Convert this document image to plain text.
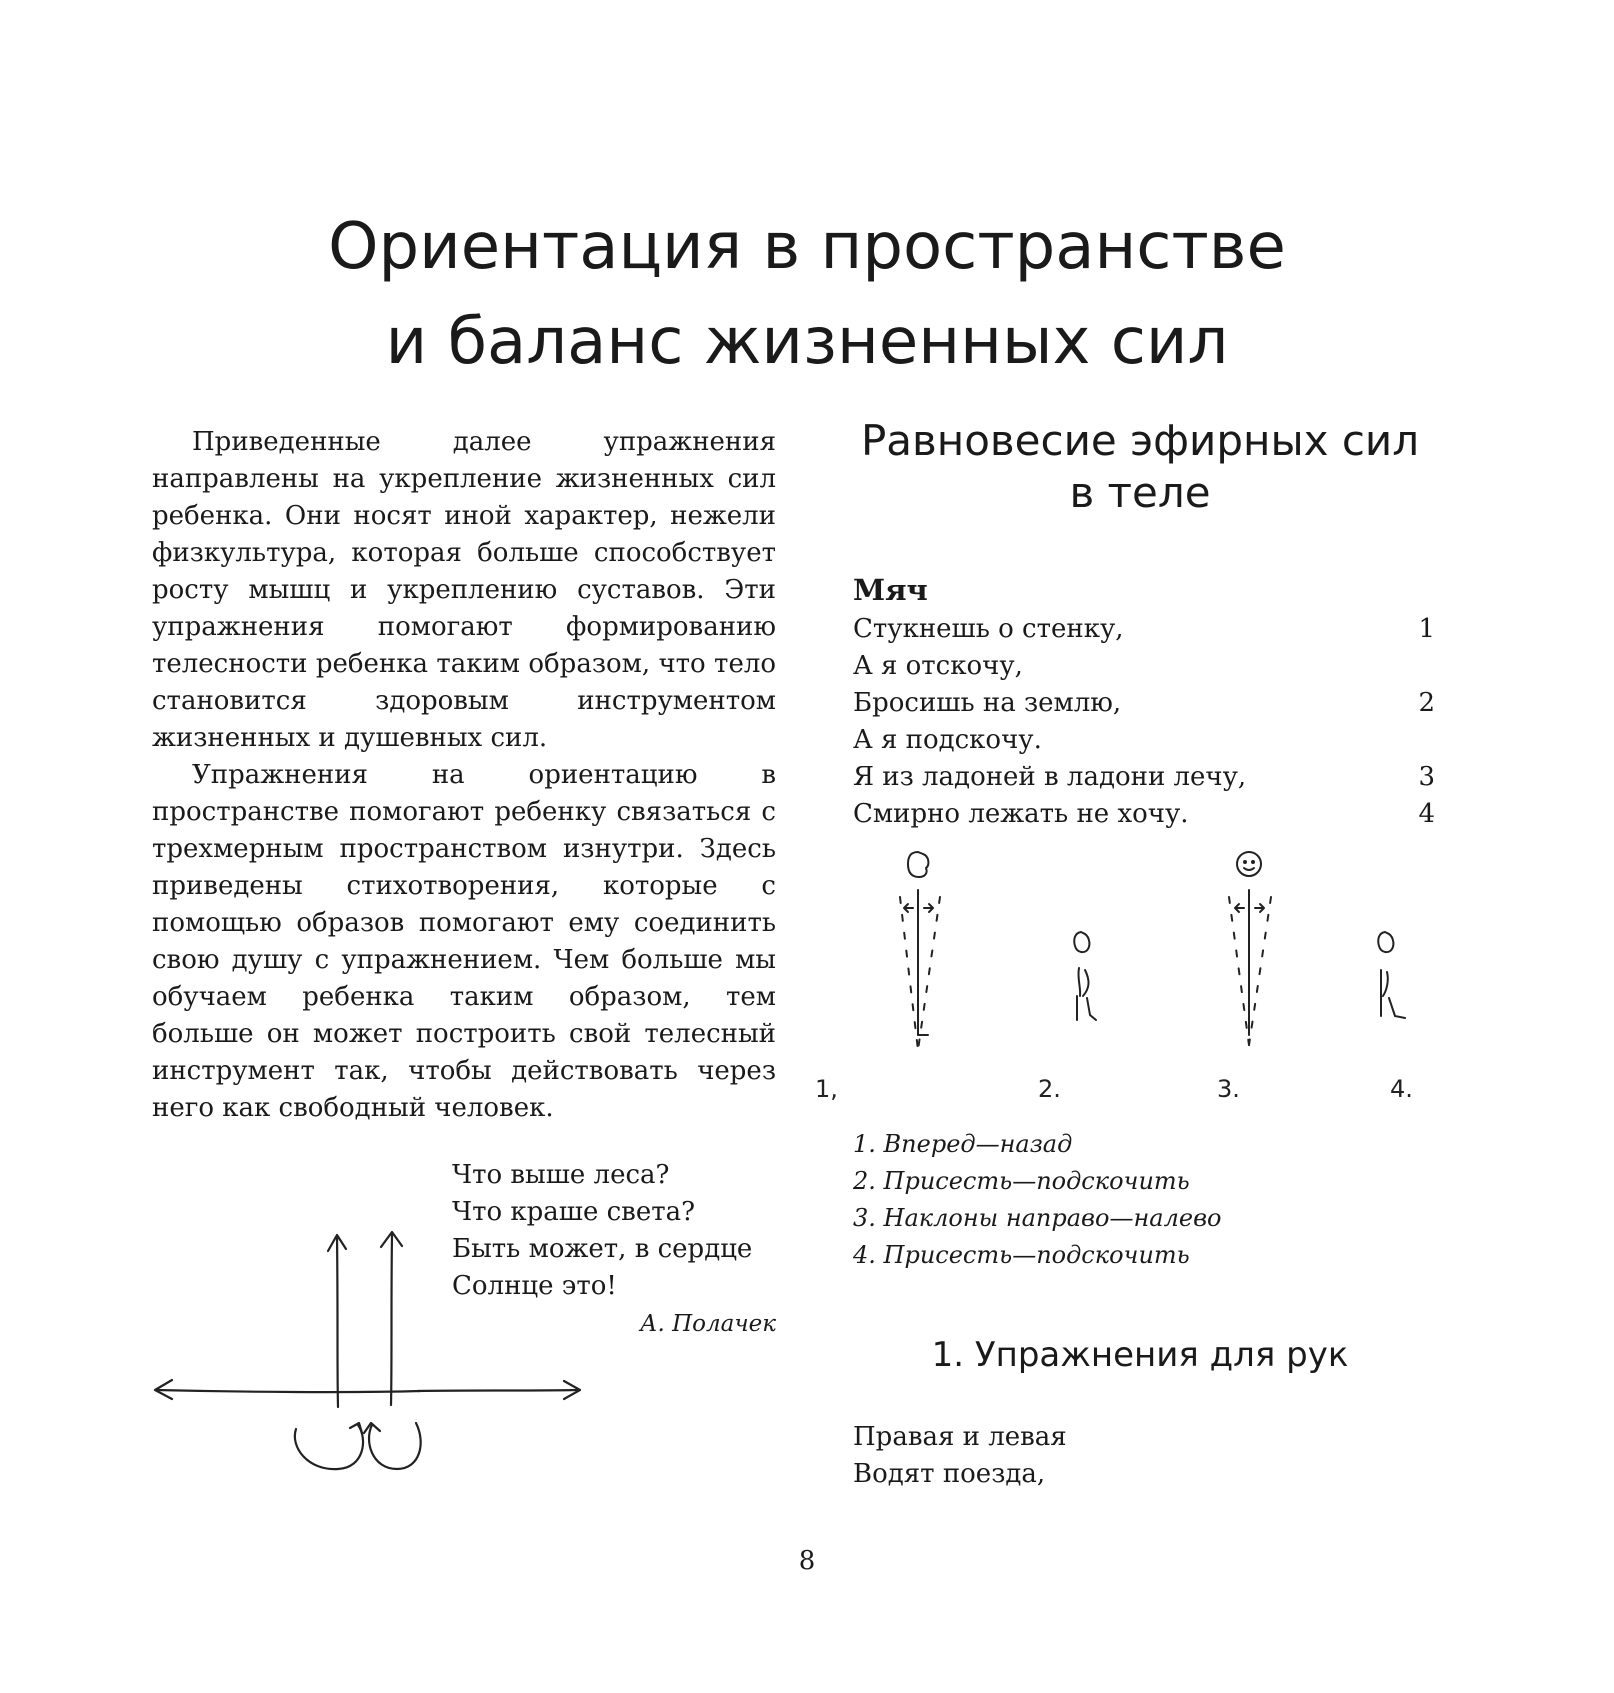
Ориентация в пространстве
и баланс жизненных сил

Приведенные далее упражнения направлены на укрепление жизненных сил ребенка. Они носят иной характер, нежели физкультура, которая больше способствует росту мышц и укреплению суставов. Эти упражнения помогают формированию телесности ребенка таким образом, что тело становится здоровым инструментом жизненных и душевных сил.

Упражнения на ориентацию в пространстве помогают ребенку связаться с трехмерным пространством изнутри. Здесь приведены стихотворения, которые с помощью образов помогают ему соединить свою душу с упражнением. Чем больше мы обучаем ребенка таким образом, тем больше он может построить свой телесный инструмент так, чтобы действовать через него как свободный человек.

Что выше леса?
Что краше света?
Быть может, в сердце
Солнце это!
А. Полачек
Равновесие эфирных сил
в теле
Мяч
Стукнешь о стенку,	1
А я отскочу,
Бросишь на землю,	2
А я подскочу.
Я из ладоней в ладони лечу,	3
Смирно лежать не хочу.	4
1,	2.	3.	4.
1. Вперед—назад
2. Присесть—подскочить
3. Наклоны направо—налево
4. Присесть—подскочить
1. Упражнения для рук
Правая и левая
Водят поезда,
8
